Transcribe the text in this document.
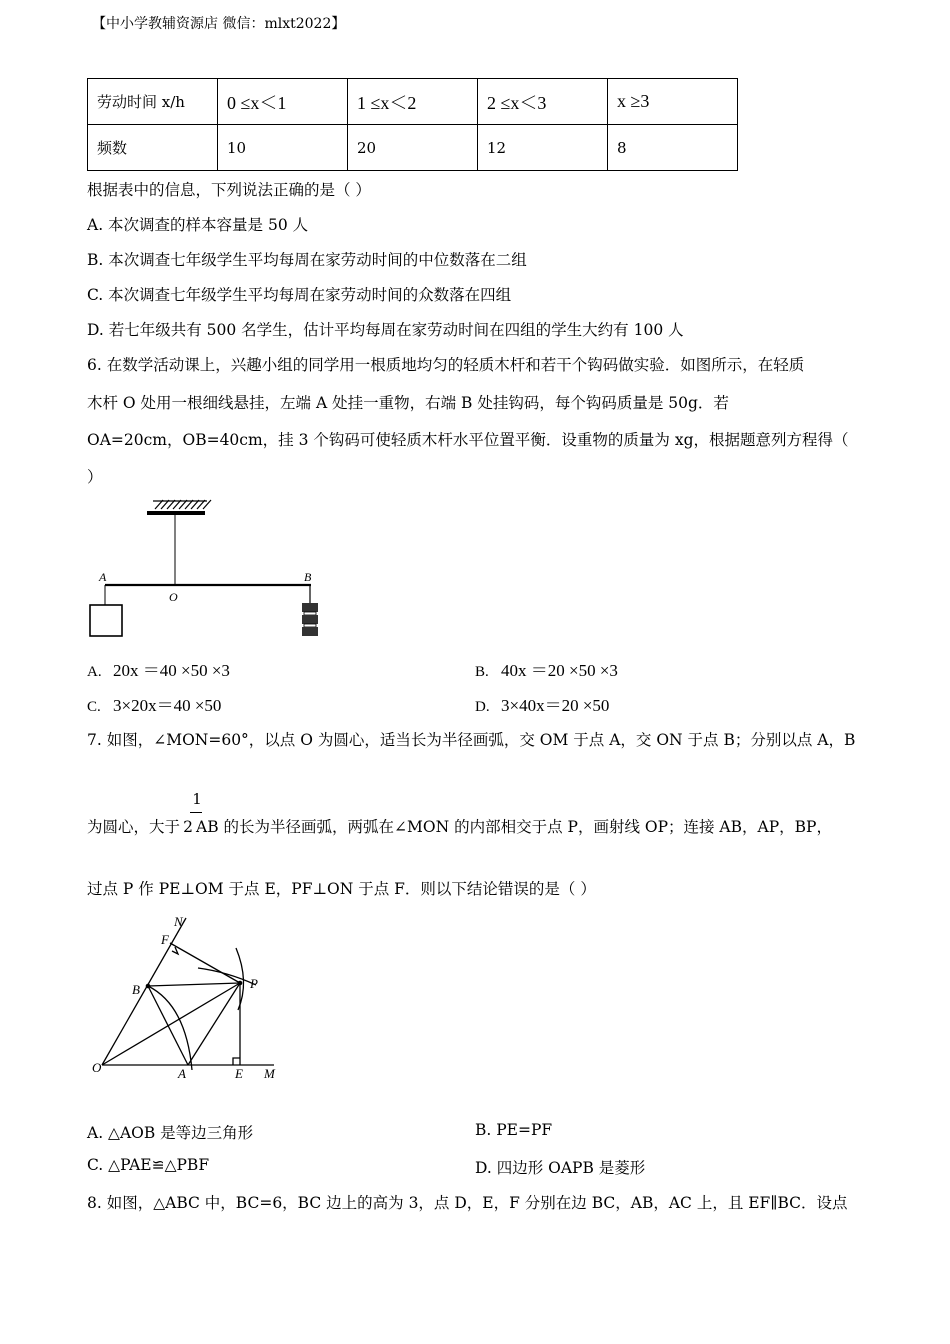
【中小学教辅资源店 微信：mlxt2022】
劳动时间 x/h	0 ≤x＜1	1 ≤x＜2	2 ≤x＜3	x ≥3
频数	10	20	12	8
根据表中的信息，下列说法正确的是（ ）
A. 本次调查的样本容量是 50 人
B. 本次调查七年级学生平均每周在家劳动时间的中位数落在二组
C. 本次调查七年级学生平均每周在家劳动时间的众数落在四组
D. 若七年级共有 500 名学生，估计平均每周在家劳动时间在四组的学生大约有 100 人
6. 在数学活动课上，兴趣小组的同学用一根质地均匀的轻质木杆和若干个钩码做实验．如图所示，在轻质
木杆 O 处用一根细线悬挂，左端 A 处挂一重物，右端 B 处挂钩码，每个钩码质量是 50g．若
OA=20cm，OB=40cm，挂 3 个钩码可使轻质木杆水平位置平衡．设重物的质量为 xg，根据题意列方程得（
）
A
O
B
A. 20x ＝40 ×50 ×3	B. 40x ＝20 ×50 ×3
C. 3×20x＝40 ×50	D. 3×40x＝20 ×50
7. 如图，∠MON=60°，以点 O 为圆心，适当长为半径画弧，交 OM 于点 A，交 ON 于点 B；分别以点 A，B
1
为圆心，大于 2 AB 的长为半径画弧，两弧在∠MON 的内部相交于点 P，画射线 OP；连接 AB，AP，BP，
过点 P 作 PE⊥OM 于点 E，PF⊥ON 于点 F．则以下结论错误的是（ ）
N
F
B	P
O	A	E M
A. △AOB 是等边三角形	B. PE=PF
C. △PAE≌△PBF	D. 四边形 OAPB 是菱形
8. 如图，△ABC 中，BC=6，BC 边上的高为 3，点 D，E，F 分别在边 BC，AB，AC 上，且 EF∥BC．设点
